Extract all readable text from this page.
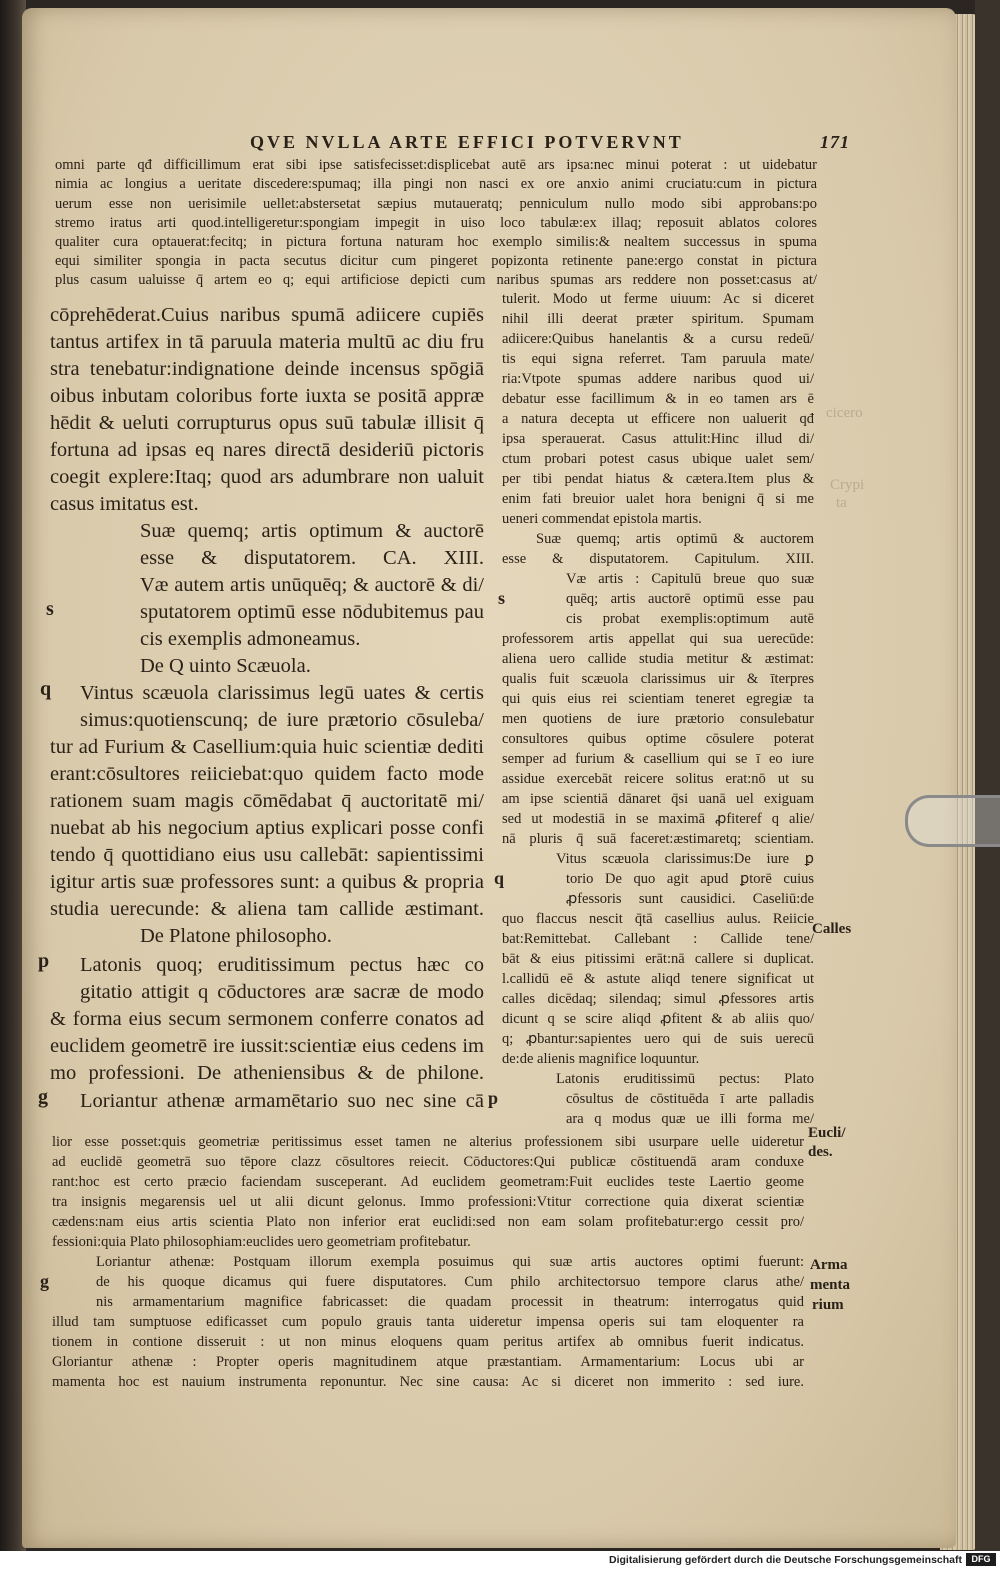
QVE NVLLA ARTE EFFICI POTVERVNT	171
omni parte qđ difficillimum erat sibi ipse satisfecisset:displicebat autē ars ipsa:nec minui poterat : ut uidebatur
nimia ac longius a ueritate discedere:spumaq; illa pingi non nasci ex ore anxio animi cruciatu:cum in pictura
uerum esse non uerisimile uellet:abstersetat sæpius mutaueratq; penniculum nullo modo sibi approbans:po
stremo iratus arti quod.intelligeretur:spongiam impegit in uiso loco tabulæ:ex illaq; reposuit ablatos colores
qualiter cura optauerat:fecitq; in pictura fortuna naturam hoc exemplo similis:& nealtem successus in spuma
equi similiter spongia in pacta secutus dicitur cum pingeret popizonta retinente pane:ergo constat in pictura
plus casum ualuisse q̄ artem eo q; equi artificiose depicti cum naribus spumas ars reddere non posset:casus at/
cōprehēderat.Cuius naribus spumā adiicere cupiēs
tantus artifex in tā paruula materia multū ac diu fru
stra tenebatur:indignatione deinde incensus spōgiā
oibus inbutam coloribus forte iuxta se positā appræ
hēdit & ueluti corrupturus opus suū tabulæ illisit q̄
fortuna ad ipsas eq nares directā desideriū pictoris
coegit explere:Itaq; quod ars adumbrare non ualuit
casus imitatus est.
Suæ quemq; artis optimum & auctorē
esse & disputatorem. CA. XIII.
Væ autem artis unūquēq; & auctorē & di/
s	sputatorem optimū esse nōdubitemus pau
cis exemplis admoneamus.
De Q uinto Scæuola.
q Vintus scæuola clarissimus legū uates & certis
simus:quotienscunq; de iure prætorio cōsuleba/
tur ad Furium & Casellium:quia huic scientiæ dediti
erant:cōsultores reiiciebat:quo quidem facto mode
rationem suam magis cōmēdabat q̄ auctoritatē mi/
nuebat ab his negocium aptius explicari posse confi
tendo q̄ quottidiano eius usu callebāt: sapientissimi
igitur artis suæ professores sunt: a quibus & propria
studia uerecunde: & aliena tam callide æstimant.
De Platone philosopho.
p Latonis quoq; eruditissimum pectus hæc co
gitatio attigit q cōductores aræ sacræ de modo
& forma eius secum sermonem conferre conatos ad
euclidem geometrē ire iussit:scientiæ eius cedens im
mo professioni. De atheniensibus & de philone.
g Loriantur athenæ armamētario suo nec sine cā
tulerit. Modo ut ferme uiuum: Ac si diceret
nihil illi deerat præter spiritum. Spumam
adiicere:Quibus hanelantis & a cursu redeū/
tis equi signa referret. Tam paruula mate/
ria:Vtpote spumas addere naribus quod ui/
debatur esse facillimum & in eo tamen ars ē
a natura decepta ut efficere non ualuerit qđ
ipsa sperauerat. Casus attulit:Hinc illud di/
ctum probari potest casus ubique ualet sem/
per tibi pendat hiatus & cætera.Item plus &
enim fati breuior ualet hora benigni q̄ si me
ueneri commendat epistola martis.
Suæ quemq; artis optimū & auctorem
esse & disputatorem. Capitulum. XIII.
Væ artis : Capitulū breue quo suæ
s	quēq; artis auctorē optimū esse pau
cis probat exemplis:optimum autē
professorem artis appellat qui sua uerecūde:
aliena uero callide studia metitur & æstimat:
qualis fuit scæuola clarissimus uir & īterpres
qui quis eius rei scientiam teneret egregiæ ta
men quotiens de iure prætorio consulebatur
consultores quibus optime cōsulere poterat
semper ad furium & casellium qui se ī eo iure
assidue exercebāt reicere solitus erat:nō ut su
am ipse scientiā dānaret q̄si uanā uel exiguam
sed ut modestiā in se maximā ꝓfiteref q alie/
nā pluris q̄ suā faceret:æstimaretq; scientiam.
Vitus scæuola clarissimus:De iure ꝑ
q	torio De quo agit apud ꝑtorē cuius
ꝓfessoris sunt causidici. Caseliū:de
quo flaccus nescit q̄tā casellius aulus. Reiicie
bat:Remittebat. Callebant : Callide tene/
bāt & eius pitissimi erāt:nā callere si duplicat.
l.callidū eē & astute aliqd tenere significat ut
calles dicēdaq; silendaq; simul ꝓfessores artis
dicunt q se scire aliqd ꝓfitent & ab aliis quo/
q; ꝓbantur:sapientes uero qui de suis uerecū
de:de alienis magnifice loquuntur.
Latonis eruditissimū pectus: Plato
p	cōsultus de cōstituēda ī arte palladis
ara q modus quæ ue illi forma me/
lior esse posset:quis geometriæ peritissimus esset tamen ne alterius professionem sibi usurpare uelle uideretur
ad euclidē geometrā suo tēpore clazz cōsultores reiecit. Cōductores:Qui publicæ cōstituendā aram conduxe
rant:hoc est certo præcio faciendam susceperant. Ad euclidem geometram:Fuit euclides teste Laertio geome
tra insignis megarensis uel ut alii dicunt gelonus. Immo professioni:Vtitur correctione quia dixerat scientiæ
cædens:nam eius artis scientia Plato non inferior erat euclidi:sed non eam solam profitebatur:ergo cessit pro/
fessioni:quia Plato philosophiam:euclides uero geometriam profitebatur.
Loriantur athenæ: Postquam illorum exempla posuimus qui suæ artis auctores optimi fuerunt:
g	de his quoque dicamus qui fuere disputatores. Cum philo architectorsuo tempore clarus athe/
nis armamentarium magnifice fabricasset: die quadam processit in theatrum: interrogatus quid
illud tam sumptuose edificasset cum populo grauis tanta uideretur impensa operis sui tam eloquenter ra
tionem in contione disseruit : ut non minus eloquens quam peritus artifex ab omnibus fuerit indicatus.
Gloriantur athenæ : Propter operis magnitudinem atque præstantiam. Armamentarium: Locus ubi ar
mamenta hoc est nauium instrumenta reponuntur. Nec sine causa: Ac si diceret non immerito : sed iure.
Calles
Eucli/
des.
Arma
menta
rium
cicero
Crypi
ta
Digitalisierung gefördert durch die Deutsche Forschungsgemeinschaft	DFG
